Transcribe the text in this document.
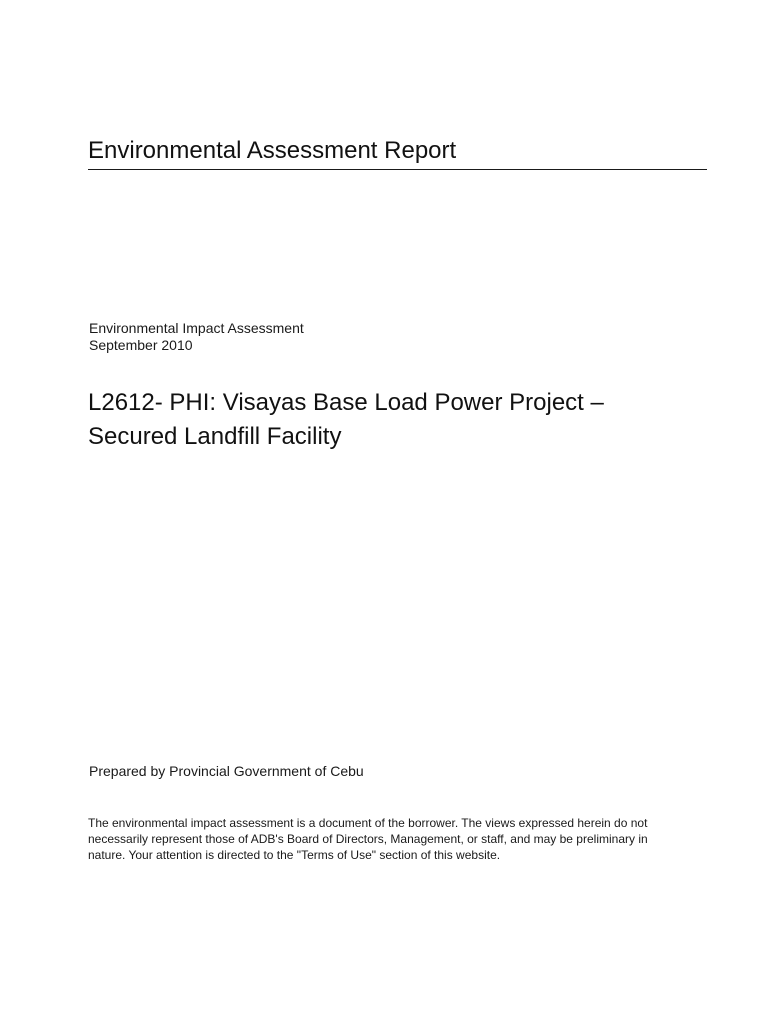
Environmental Assessment Report
Environmental Impact Assessment
September 2010
L2612- PHI: Visayas Base Load Power Project –
Secured Landfill Facility
Prepared by Provincial Government of Cebu
The environmental impact assessment is a document of the borrower. The views expressed herein do not
necessarily represent those of ADB's Board of Directors, Management, or staff, and may be preliminary in
nature. Your attention is directed to the "Terms of Use" section of this website.
